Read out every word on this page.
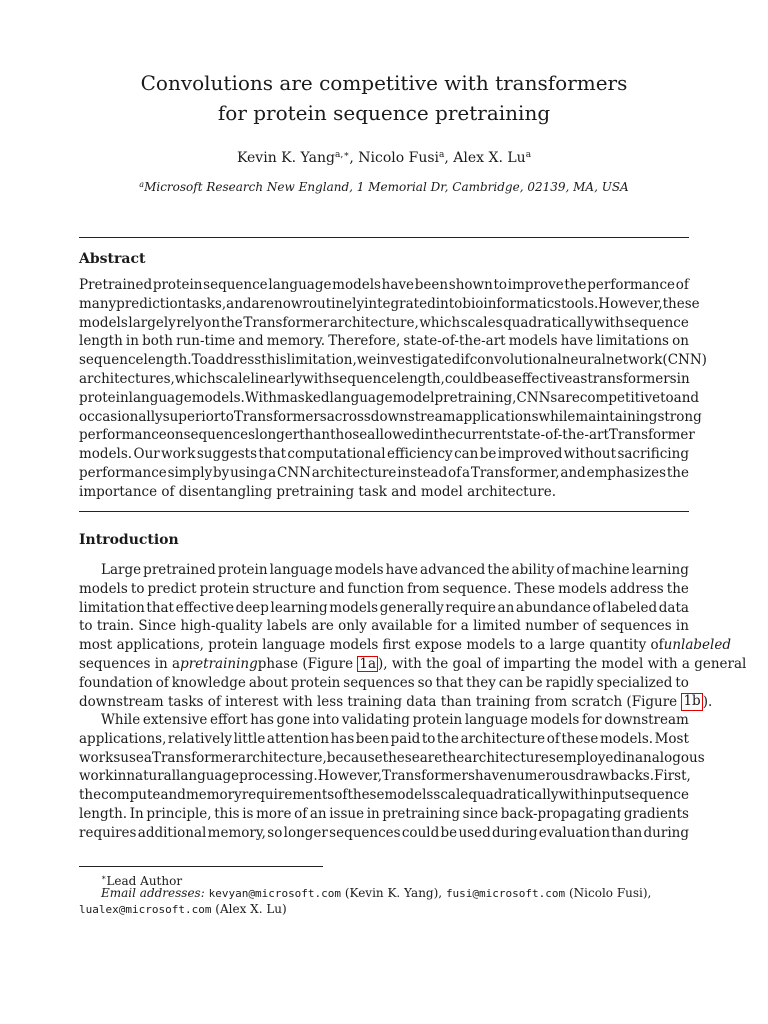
Convolutions are competitive with transformers
for protein sequence pretraining
Kevin K. Yang$^{a,∗}$, Nicolo Fusi$^a$, Alex X. Lu$^a$
$^a$Microsoft Research New England, 1 Memorial Dr, Cambridge, 02139, MA, USA
Abstract
Pretrained protein sequence language models have been shown to improve the performance of
many prediction tasks, and are now routinely integrated into bioinformatics tools. However, these
models largely rely on the Transformer architecture, which scales quadratically with sequence
length in both run-time and memory. Therefore, state-of-the-art models have limitations on
sequence length. To address this limitation, we investigated if convolutional neural network (CNN)
architectures, which scale linearly with sequence length, could be as effective as transformers in
protein language models. With masked language model pretraining, CNNs are competitive to and
occasionally superior to Transformers across downstream applications while maintaining strong
performance on sequences longer than those allowed in the current state-of-the-art Transformer
models. Our work suggests that computational efficiency can be improved without sacrificing
performance simply by using a CNN architecture instead of a Transformer, and emphasizes the
importance of disentangling pretraining task and model architecture.
Introduction
Large pretrained protein language models have advanced the ability of machine learning
models to predict protein structure and function from sequence. These models address the
limitation that effective deep learning models generally require an abundance of labeled data
to train. Since high-quality labels are only available for a limited number of sequences in
most applications, protein language models first expose models to a large quantity of unlabeled
sequences in a pretraining phase (Figure 1a ), with the goal of imparting the model with a general
foundation of knowledge about protein sequences so that they can be rapidly specialized to
downstream tasks of interest with less training data than training from scratch (Figure
1b ).
While extensive effort has gone into validating protein language models for downstream
applications, relatively little attention has been paid to the architecture of these models. Most
works use a Transformer architecture, because these are the architectures employed in analogous
work in natural language processing. However, Transformers have numerous drawbacks. First,
the compute and memory requirements of these models scale quadratically with input sequence
length. In principle, this is more of an issue in pretraining since back-propagating gradients
requires additional memory, so longer sequences could be used during evaluation than during
∗Lead Author
Email addresses: kevyan@microsoft.com (Kevin K. Yang), fusi@microsoft.com (Nicolo Fusi),
lualex@microsoft.com (Alex X. Lu)
